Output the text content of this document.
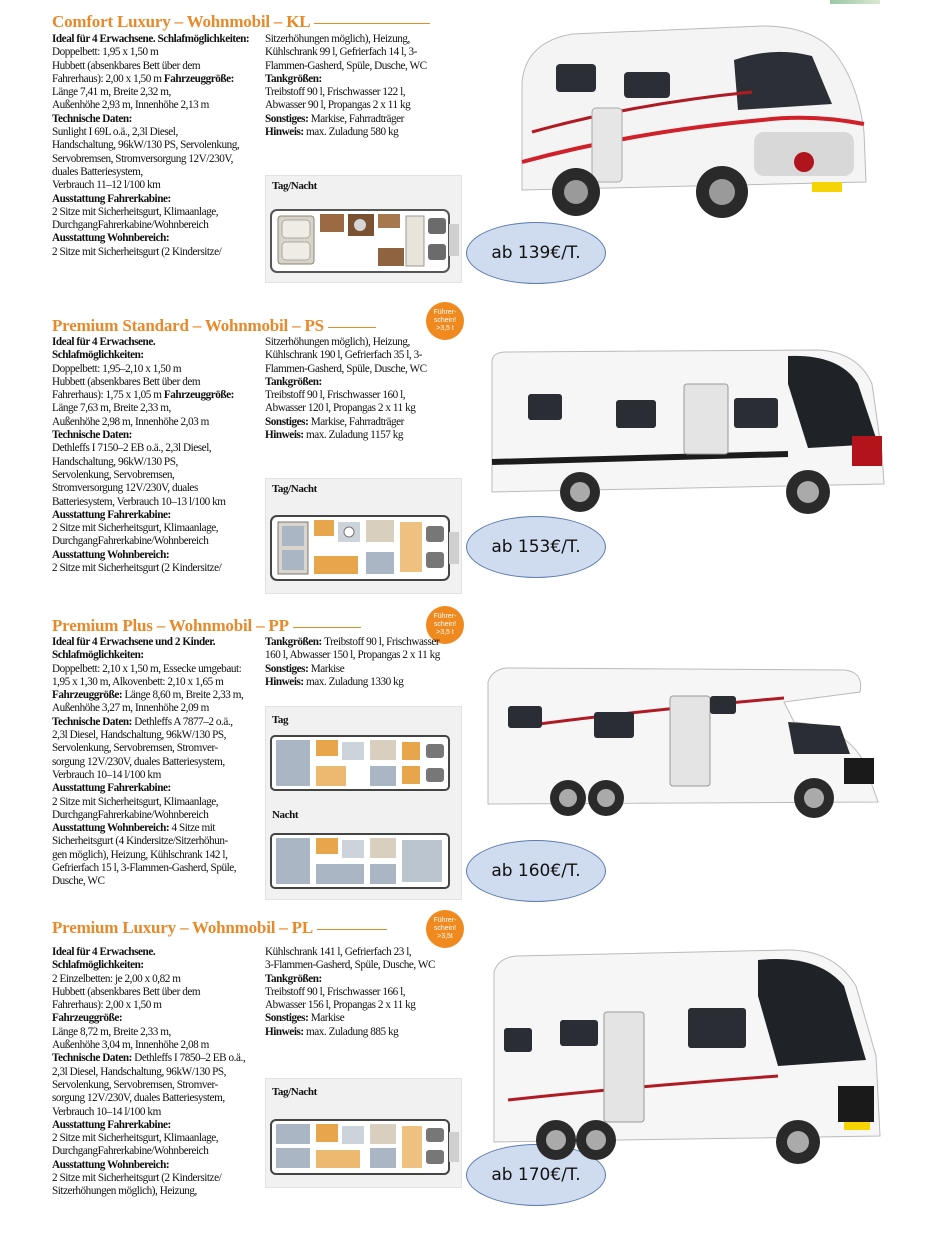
Comfort Luxury – Wohnmobil – KL

Ideal für 4 Erwachsene. Schlafmöglichkeiten:

Doppelbett: 1,95 x 1,50 m

Hubbett (absenkbares Bett über dem

Fahrerhaus): 2,00 x 1,50 m Fahrzeuggröße:

Länge 7,41 m, Breite 2,32 m,

Außenhöhe 2,93 m, Innenhöhe 2,13 m

Technische Daten:

Sunlight I 69L o.ä., 2,3l Diesel,

Handschaltung, 96kW/130 PS, Servolenkung,

Servobremsen, Stromversorgung 12V/230V,

duales Batteriesystem,

Verbrauch 11–12 l/100 km

Ausstattung Fahrerkabine:

2 Sitze mit Sicherheitsgurt, Klimaanlage,

DurchgangFahrerkabine/Wohnbereich

Ausstattung Wohnbereich:

2 Sitze mit Sicherheitsgurt (2 Kindersitze/

Sitzerhöhungen möglich), Heizung,

Kühlschrank 99 l, Gefrierfach 14 l, 3-

Flammen-Gasherd, Spüle, Dusche, WC

Tankgrößen:

Treibstoff 90 l, Frischwasser 122 l,

Abwasser 90 l, Propangas 2 x 11 kg

Sonstiges: Markise, Fahrradträger

Hinweis: max. Zuladung 580 kg

Tag/Nacht
ab 139€/T.
Führer-
schein!
>3,5 t
Premium Standard – Wohnmobil – PS

Ideal für 4 Erwachsene.

Schlafmöglichkeiten:

Doppelbett: 1,95–2,10 x 1,50 m

Hubbett (absenkbares Bett über dem

Fahrerhaus): 1,75 x 1,05 m Fahrzeuggröße:

Länge 7,63 m, Breite 2,33 m,

Außenhöhe 2,98 m, Innenhöhe 2,03 m

Technische Daten:

Dethleffs I 7150–2 EB o.ä., 2,3l Diesel,

Handschaltung, 96kW/130 PS,

Servolenkung, Servobremsen,

Stromversorgung 12V/230V, duales

Batteriesystem, Verbrauch 10–13 l/100 km

Ausstattung Fahrerkabine:

2 Sitze mit Sicherheitsgurt, Klimaanlage,

DurchgangFahrerkabine/Wohnbereich

Ausstattung Wohnbereich:

2 Sitze mit Sicherheitsgurt (2 Kindersitze/

Sitzerhöhungen möglich), Heizung,

Kühlschrank 190 l, Gefrierfach 35 l, 3-

Flammen-Gasherd, Spüle, Dusche, WC

Tankgrößen:

Treibstoff 90 l, Frischwasser 160 l,

Abwasser 120 l, Propangas 2 x 11 kg

Sonstiges: Markise, Fahrradträger

Hinweis: max. Zuladung 1157 kg

Tag/Nacht
ab 153€/T.
Führer-
schein!
>3,5 t
Premium Plus – Wohnmobil – PP

Ideal für 4 Erwachsene und 2 Kinder.

Schlafmöglichkeiten:

Doppelbett: 2,10 x 1,50 m, Essecke umgebaut:

1,95 x 1,30 m, Alkovenbett: 2,10 x 1,65 m

Fahrzeuggröße: Länge 8,60 m, Breite 2,33 m,

Außenhöhe 3,27 m, Innenhöhe 2,09 m

Technische Daten: Dethleffs A 7877–2 o.ä.,

2,3l Diesel, Handschaltung, 96kW/130 PS,

Servolenkung, Servobremsen, Stromver-

sorgung 12V/230V, duales Batteriesystem,

Verbrauch 10–14 l/100 km

Ausstattung Fahrerkabine:

2 Sitze mit Sicherheitsgurt, Klimaanlage,

DurchgangFahrerkabine/Wohnbereich

Ausstattung Wohnbereich: 4 Sitze mit

Sicherheitsgurt (4 Kindersitze/Sitzerhöhun-

gen möglich), Heizung, Kühlschrank 142 l,

Gefrierfach 15 l, 3-Flammen-Gasherd, Spüle,

Dusche, WC

Tankgrößen: Treibstoff 90 l, Frischwasser

160 l, Abwasser 150 l, Propangas 2 x 11 kg

Sonstiges: Markise

Hinweis: max. Zuladung 1330 kg

Tag
Nacht
ab 160€/T.
Führer-
schein!
>3,5t
Premium Luxury – Wohnmobil – PL

Ideal für 4 Erwachsene.

Schlafmöglichkeiten:

2 Einzelbetten: je 2,00 x 0,82 m

Hubbett (absenkbares Bett über dem

Fahrerhaus): 2,00 x 1,50 m

Fahrzeuggröße:

Länge 8,72 m, Breite 2,33 m,

Außenhöhe 3,04 m, Innenhöhe 2,08 m

Technische Daten: Dethleffs I 7850–2 EB o.ä.,

2,3l Diesel, Handschaltung, 96kW/130 PS,

Servolenkung, Servobremsen, Stromver-

sorgung 12V/230V, duales Batteriesystem,

Verbrauch 10–14 l/100 km

Ausstattung Fahrerkabine:

2 Sitze mit Sicherheitsgurt, Klimaanlage,

DurchgangFahrerkabine/Wohnbereich

Ausstattung Wohnbereich:

2 Sitze mit Sicherheitsgurt (2 Kindersitze/

Sitzerhöhungen möglich), Heizung,

Kühlschrank 141 l, Gefrierfach 23 l,

3-Flammen-Gasherd, Spüle, Dusche, WC

Tankgrößen:

Treibstoff 90 l, Frischwasser 166 l,

Abwasser 156 l, Propangas 2 x 11 kg

Sonstiges: Markise

Hinweis: max. Zuladung 885 kg

Tag/Nacht
ab 170€/T.
